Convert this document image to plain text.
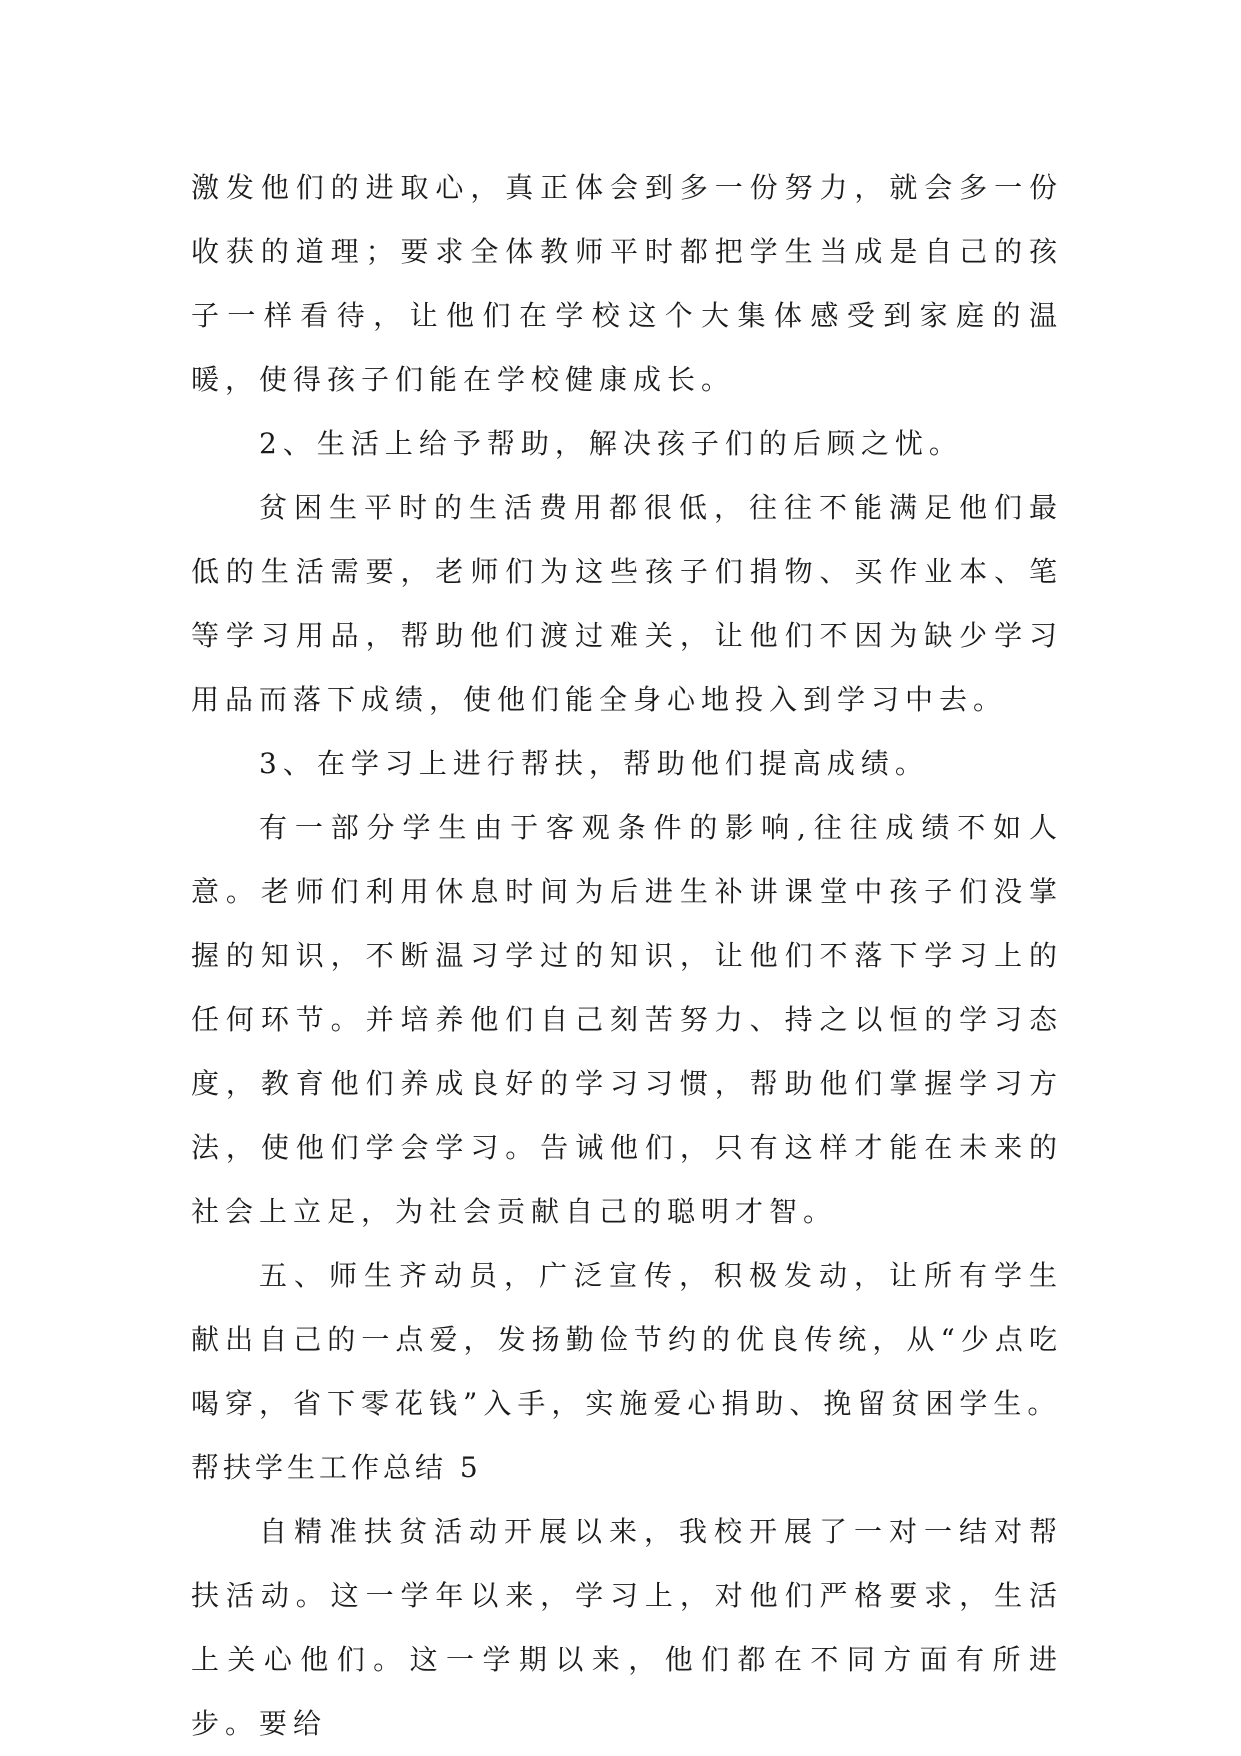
激发他们的进取心，真正体会到多一份努力，就会多一份收获的道理；要求全体教师平时都把学生当成是自己的孩子一样看待，让他们在学校这个大集体感受到家庭的温暖，使得孩子们能在学校健康成长。

2、生活上给予帮助，解决孩子们的后顾之忧。

贫困生平时的生活费用都很低，往往不能满足他们最低的生活需要，老师们为这些孩子们捐物、买作业本、笔等学习用品，帮助他们渡过难关，让他们不因为缺少学习用品而落下成绩，使他们能全身心地投入到学习中去。

3、在学习上进行帮扶，帮助他们提高成绩。

有一部分学生由于客观条件的影响,往往成绩不如人意。老师们利用休息时间为后进生补讲课堂中孩子们没掌握的知识，不断温习学过的知识，让他们不落下学习上的任何环节。并培养他们自己刻苦努力、持之以恒的学习态度，教育他们养成良好的学习习惯，帮助他们掌握学习方法，使他们学会学习。告诫他们，只有这样才能在未来的社会上立足，为社会贡献自己的聪明才智。

五、师生齐动员，广泛宣传，积极发动，让所有学生献出自己的一点爱，发扬勤俭节约的优良传统，从“少点吃喝穿，省下零花钱”入手，实施爱心捐助、挽留贫困学生。

帮扶学生工作总结 5

自精准扶贫活动开展以来，我校开展了一对一结对帮扶活动。这一学年以来，学习上，对他们严格要求，生活上关心他们。这一学期以来，他们都在不同方面有所进步。要给
